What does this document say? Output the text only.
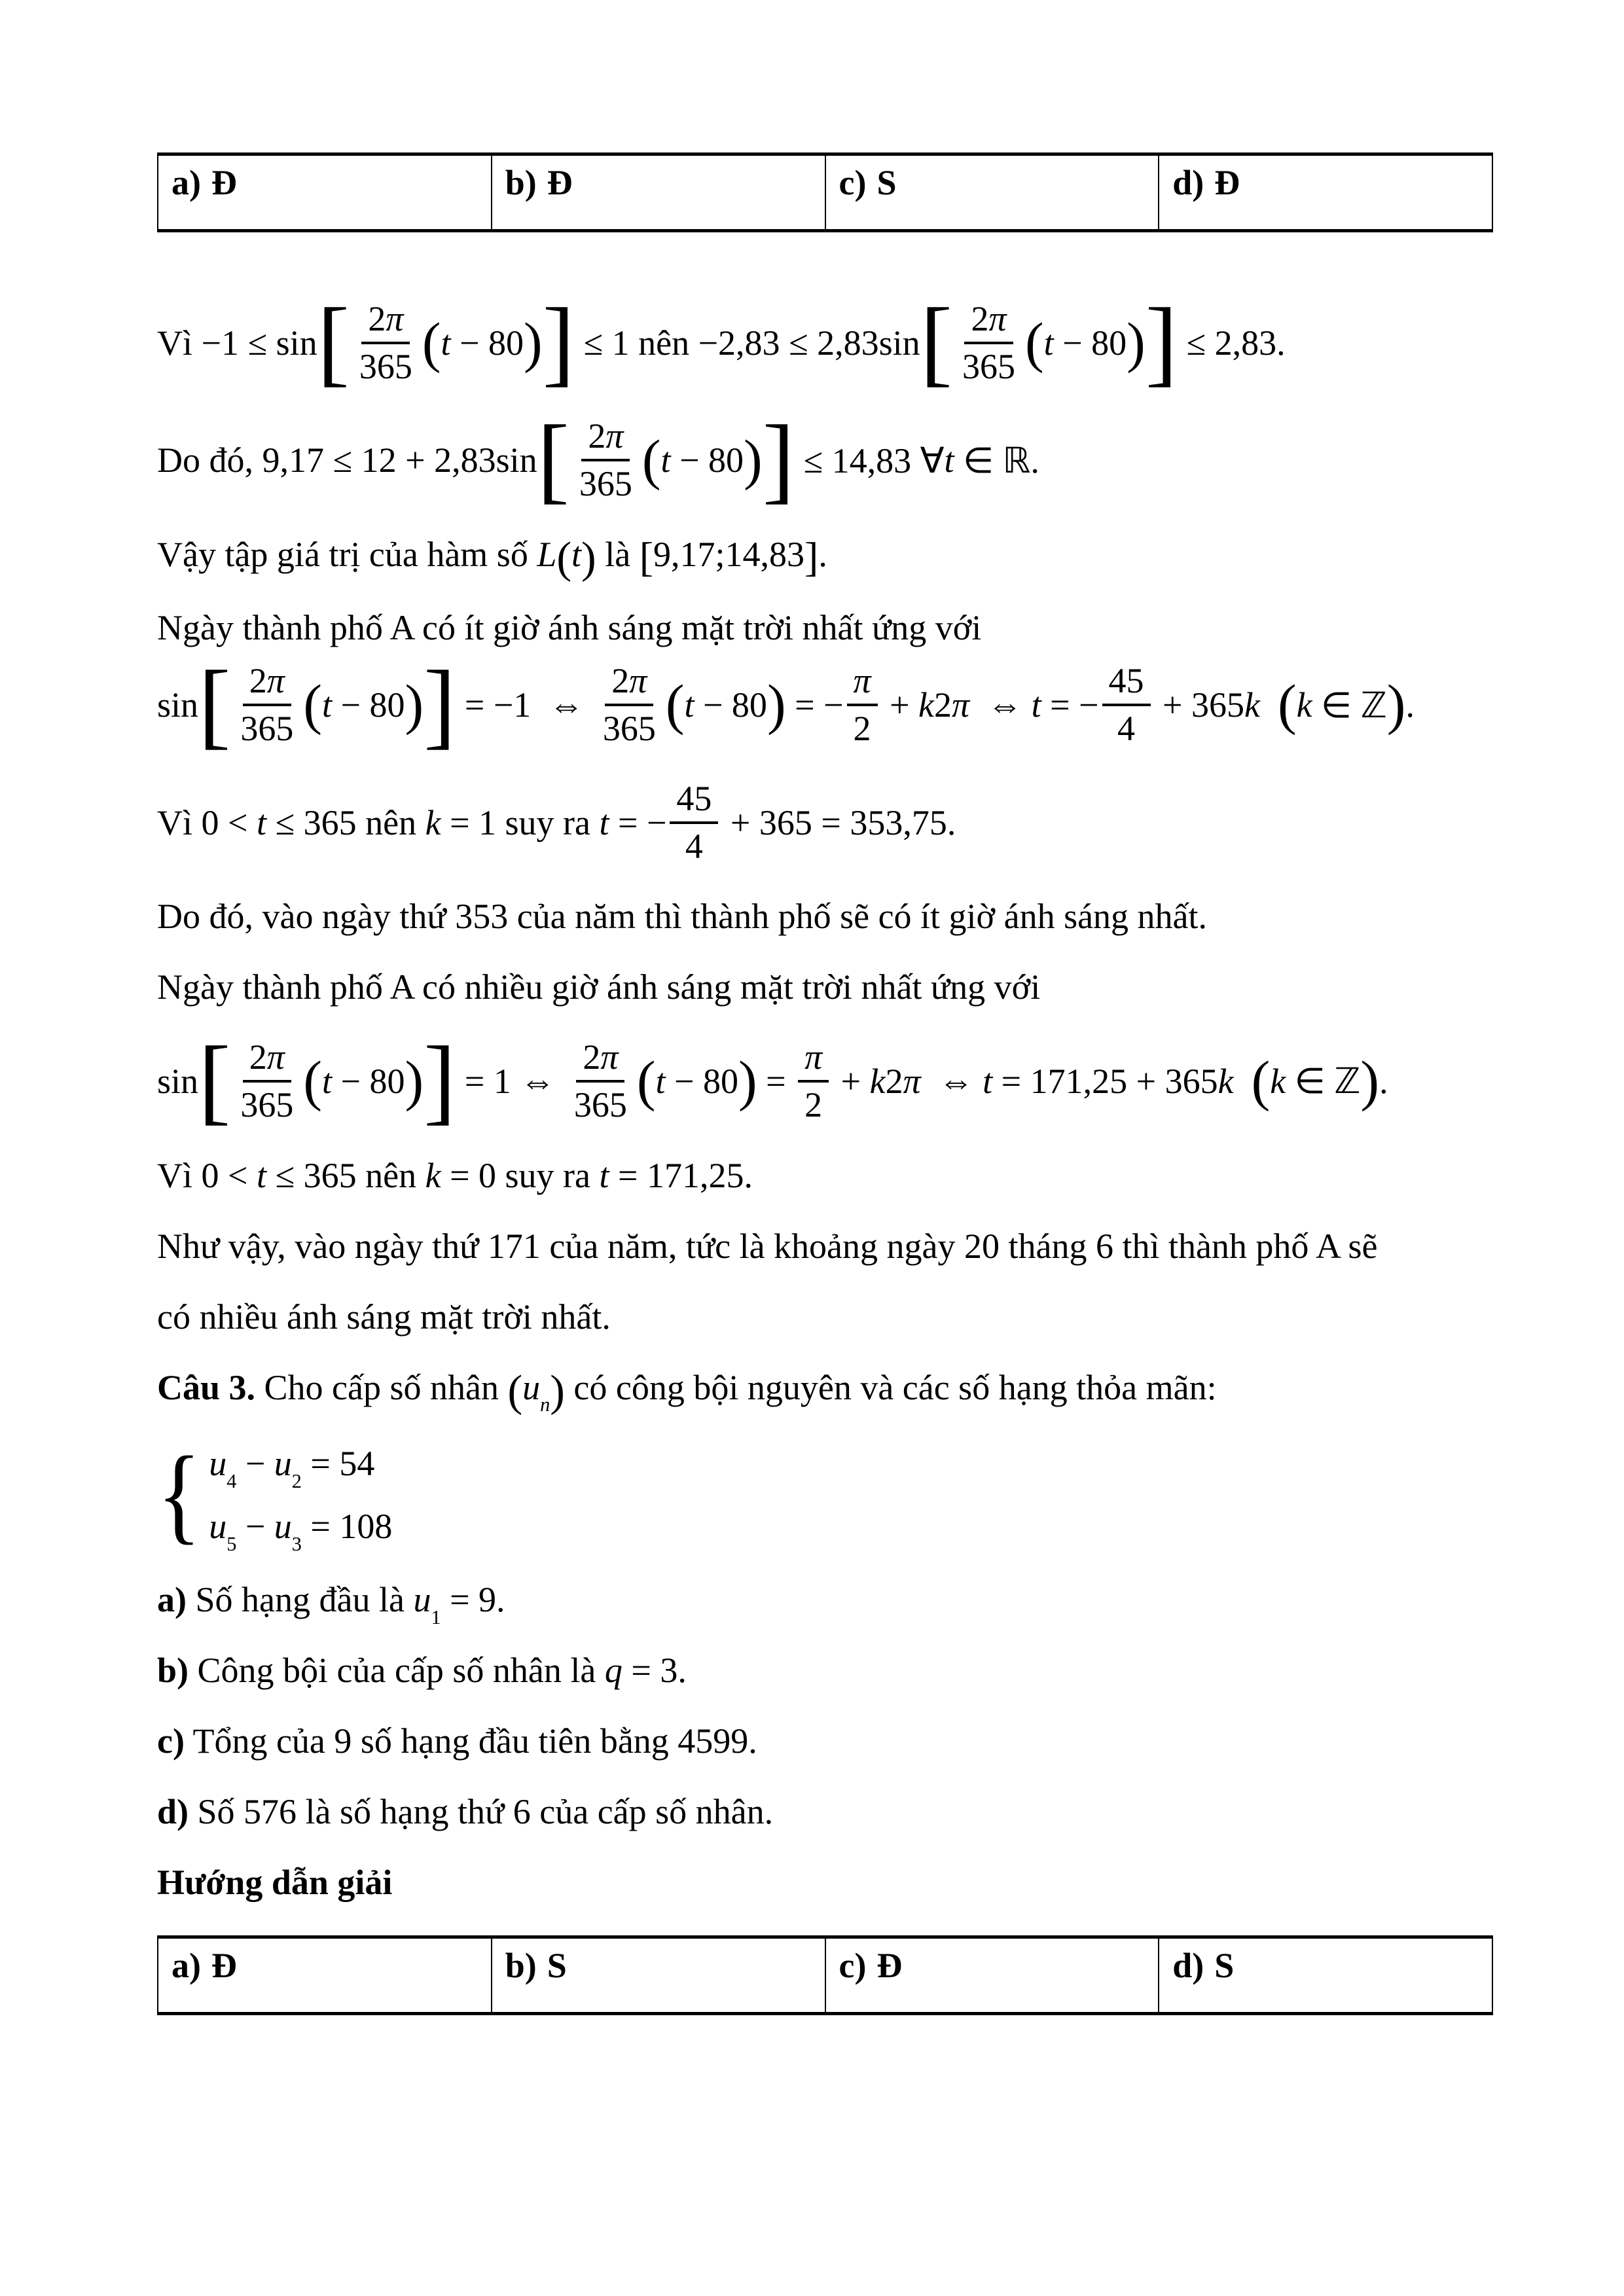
a) Đ	b) Đ	c) S	d) Đ
Vì −1 ≤ sin [ $\frac{2\pi}{365}$ ( t − 80 ) ] ≤ 1 nên −2,83 ≤ 2,83sin [ $\frac{2\pi}{365}$ ( t − 80 ) ] ≤ 2,83.
Do đó, 9,17 ≤ 12 + 2,83sin [ $\frac{2\pi}{365}$ ( t − 80 ) ] ≤ 14,83 ∀ t ∈ ℝ.
Vậy tập giá trị của hàm số L(t) là [9,17;14,83].
Ngày thành phố A có ít giờ ánh sáng mặt trời nhất ứng với
sin [ $\frac{2\pi}{365}$ ( t − 80 ) ] = −1  ⇔ $\frac{2\pi}{365}$ ( t − 80 ) = − $\frac{\pi}{2} + k$ 2 π ⇔ t = − $\frac{45}{4} + 365$ k
( k ∈ ℤ ) .
Vì 0 < t ≤ 365 nên k = 1 suy ra t = − $\frac{45}{4} + 365 = 353,75$.
Do đó, vào ngày thứ 353 của năm thì thành phố sẽ có ít giờ ánh sáng nhất.
Ngày thành phố A có nhiều giờ ánh sáng mặt trời nhất ứng với
sin [ $\frac{2\pi}{365}$ ( t − 80 ) ] = 1 ⇔ $\frac{2\pi}{365}$ ( t − 80 ) = $\frac{\pi}{2} + k$ 2 π ⇔ t = 171,25 + 365 k
( k ∈ ℤ ) .
Vì 0 < t ≤ 365 nên k = 0 suy ra t = 171,25.
Như vậy, vào ngày thứ 171 của năm, tức là khoảng ngày 20 tháng 6 thì thành phố A sẽ
có nhiều ánh sáng mặt trời nhất.
Câu 3. Cho cấp số nhân $(u_n)$ có công bội nguyên và các số hạng thỏa mãn:
{ $u_4 - u_2 = 54$
$u_5 - u_3 = 108$
a) Số hạng đầu là $u_1 = 9$.
b) Công bội của cấp số nhân là q = 3.
c) Tổng của 9 số hạng đầu tiên bằng 4599.
d) Số 576 là số hạng thứ 6 của cấp số nhân.
Hướng dẫn giải
a) Đ	b) S	c) Đ	d) S
